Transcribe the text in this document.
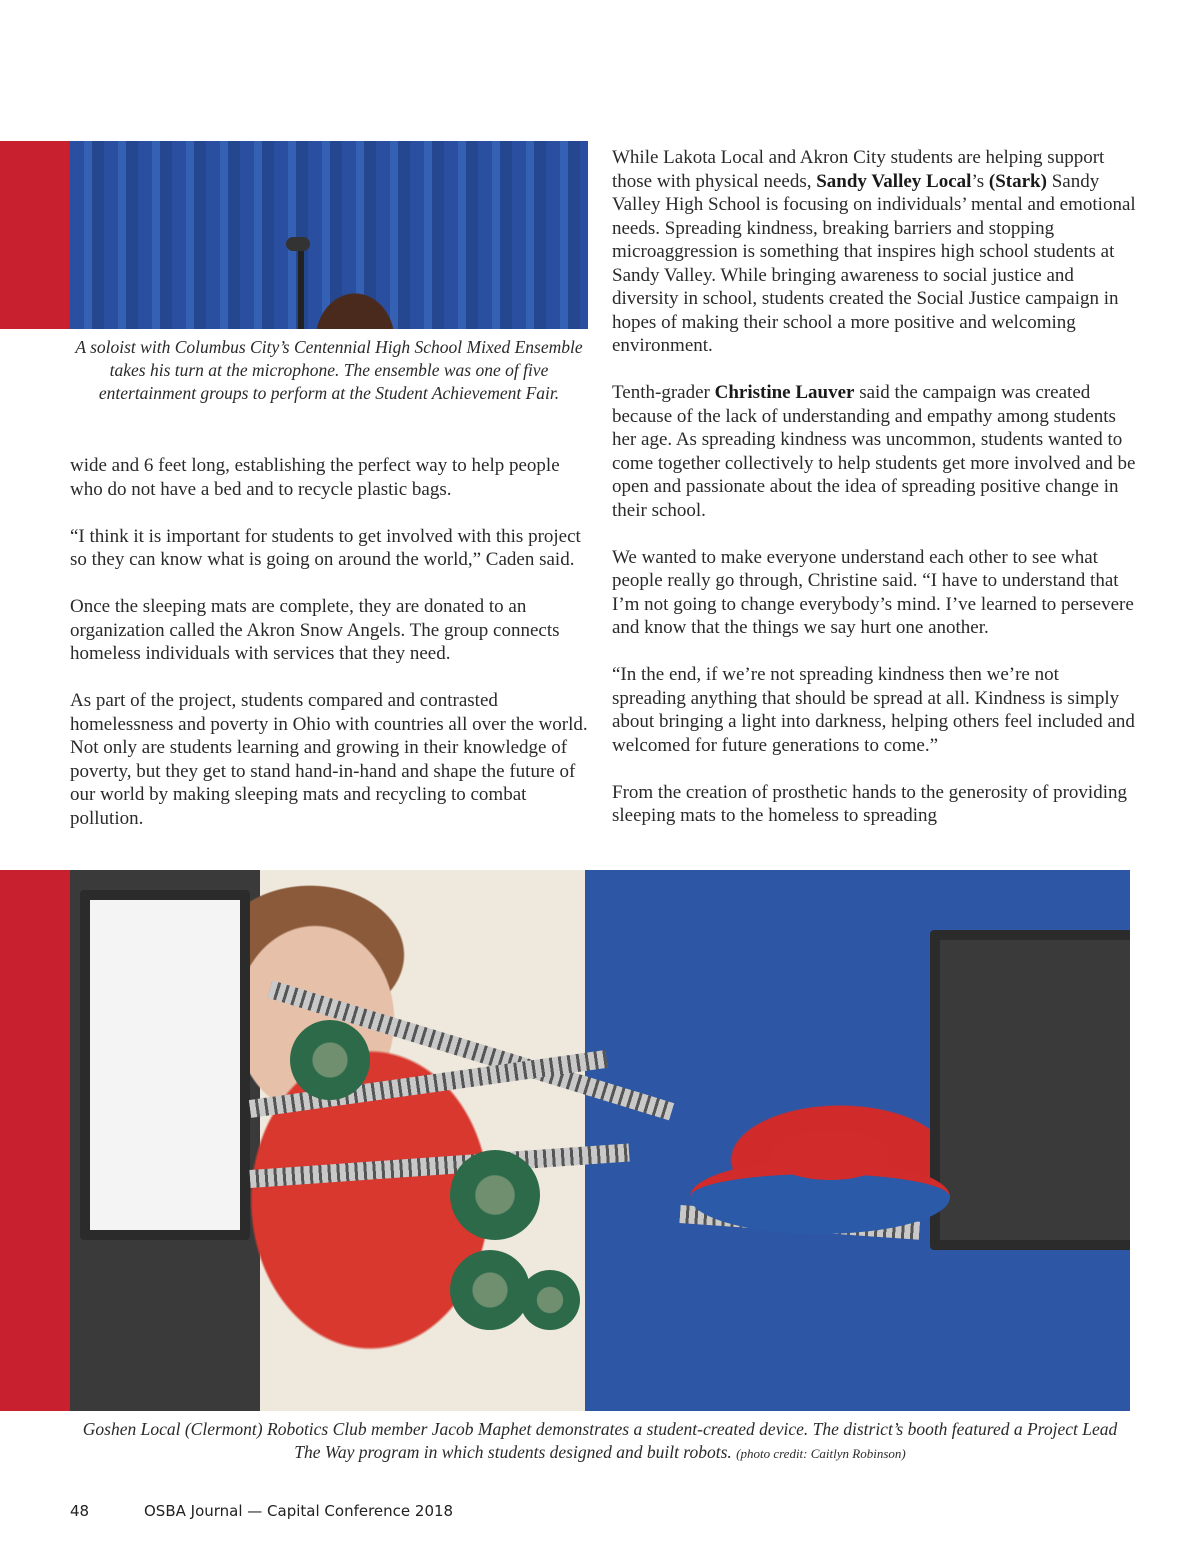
A soloist with Columbus City’s Centennial High School Mixed Ensemble takes his turn at the microphone. The ensemble was one of five entertainment groups to perform at the Student Achievement Fair.

wide and 6 feet long, establishing the perfect way to help people who do not have a bed and to recycle plastic bags.

“I think it is important for students to get involved with this project so they can know what is going on around the world,” Caden said.

Once the sleeping mats are complete, they are donated to an organization called the Akron Snow Angels. The group connects homeless individuals with services that they need.

As part of the project, students compared and contrasted homelessness and poverty in Ohio with countries all over the world. Not only are students learning and growing in their knowledge of poverty, but they get to stand hand-in-hand and shape the future of our world by making sleeping mats and recycling to combat pollution.

While Lakota Local and Akron City students are helping support those with physical needs, Sandy Valley Local’s (Stark) Sandy Valley High School is focusing on individuals’ mental and emotional needs. Spreading kindness, breaking barriers and stopping microaggression is something that inspires high school students at Sandy Valley. While bringing awareness to social justice and diversity in school, students created the Social Justice campaign in hopes of making their school a more positive and welcoming environment.

Tenth-grader Christine Lauver said the campaign was created because of the lack of understanding and empathy among students her age. As spreading kindness was uncommon, students wanted to come together collectively to help students get more involved and be open and passionate about the idea of spreading positive change in their school.

We wanted to make everyone understand each other to see what people really go through, Christine said. “I have to understand that I’m not going to change everybody’s mind. I’ve learned to persevere and know that the things we say hurt one another.

“In the end, if we’re not spreading kindness then we’re not spreading anything that should be spread at all. Kindness is simply about bringing a light into darkness, helping others feel included and welcomed for future generations to come.”

From the creation of prosthetic hands to the generosity of providing sleeping mats to the homeless to spreading

Goshen Local (Clermont) Robotics Club member Jacob Maphet demonstrates a student-created device. The district’s booth featured a Project Lead The Way program in which students designed and built robots. (photo credit: Caitlyn Robinson)
48	OSBA Journal — Capital Conference 2018
